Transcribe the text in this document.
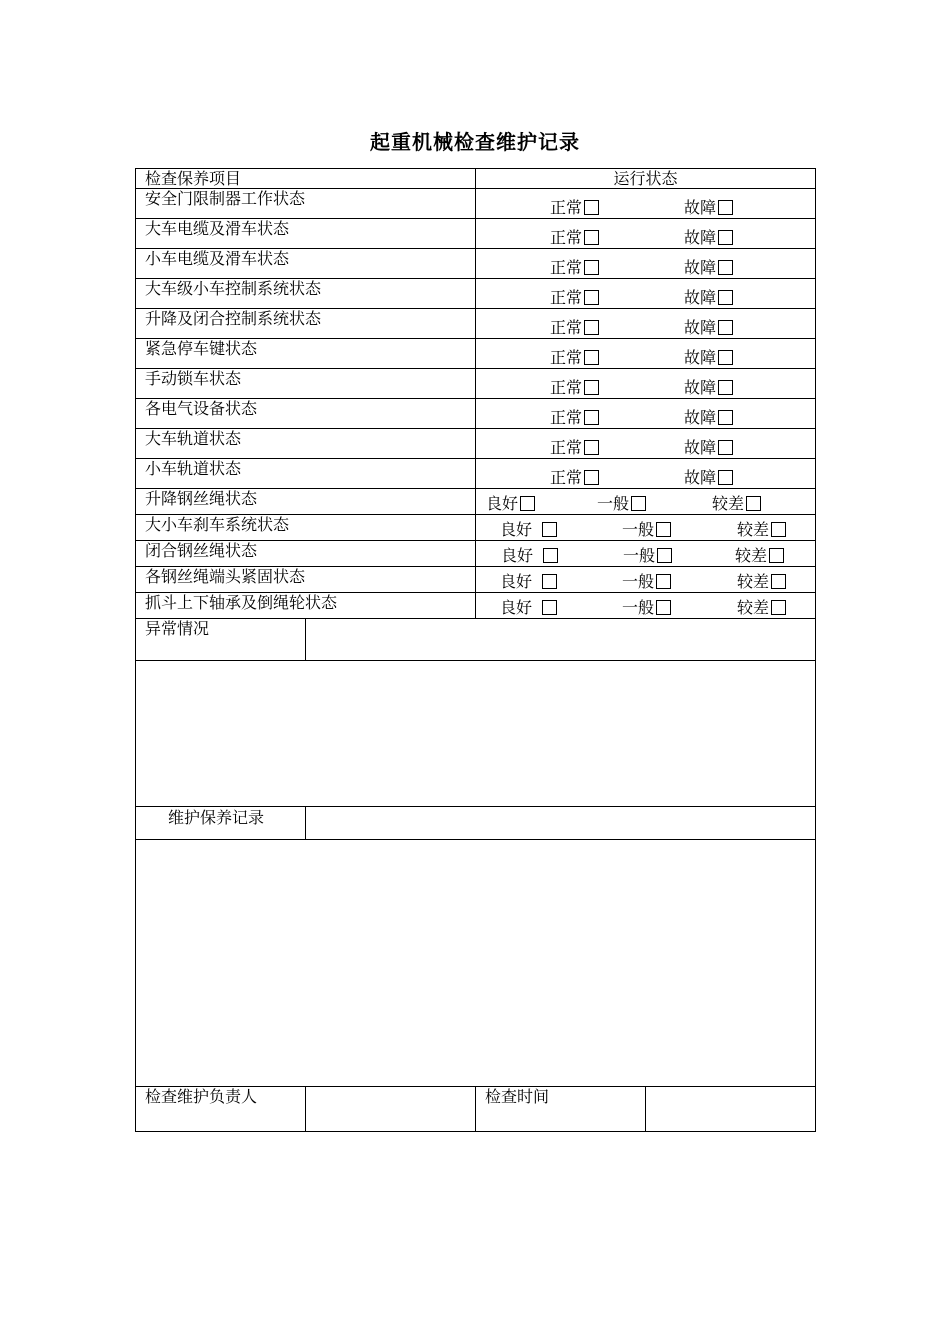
起重机械检查维护记录
检查保养项目		运行状态	
安全门限制器工作状态		正常 故障	

大车电缆及滑车状态		正常 故障	

小车电缆及滑车状态		正常 故障	

大车级小车控制系统状态		正常 故障	

升降及闭合控制系统状态		正常 故障	

紧急停车键状态		正常 故障	

手动锁车状态		正常 故障	

各电气设备状态		正常 故障	

大车轨道状态		正常 故障	

小车轨道状态		正常 故障	

升降钢丝绳状态		良好 一般 较差	

大小车刹车系统状态		良好 一般 较差	

闭合钢丝绳状态		良好 一般 较差	

各钢丝绳端头紧固状态		良好 一般 较差	

抓斗上下轴承及倒绳轮状态		良好 一般 较差	

异常情况			

维护保养记录			

检查维护负责人		检查时间	
